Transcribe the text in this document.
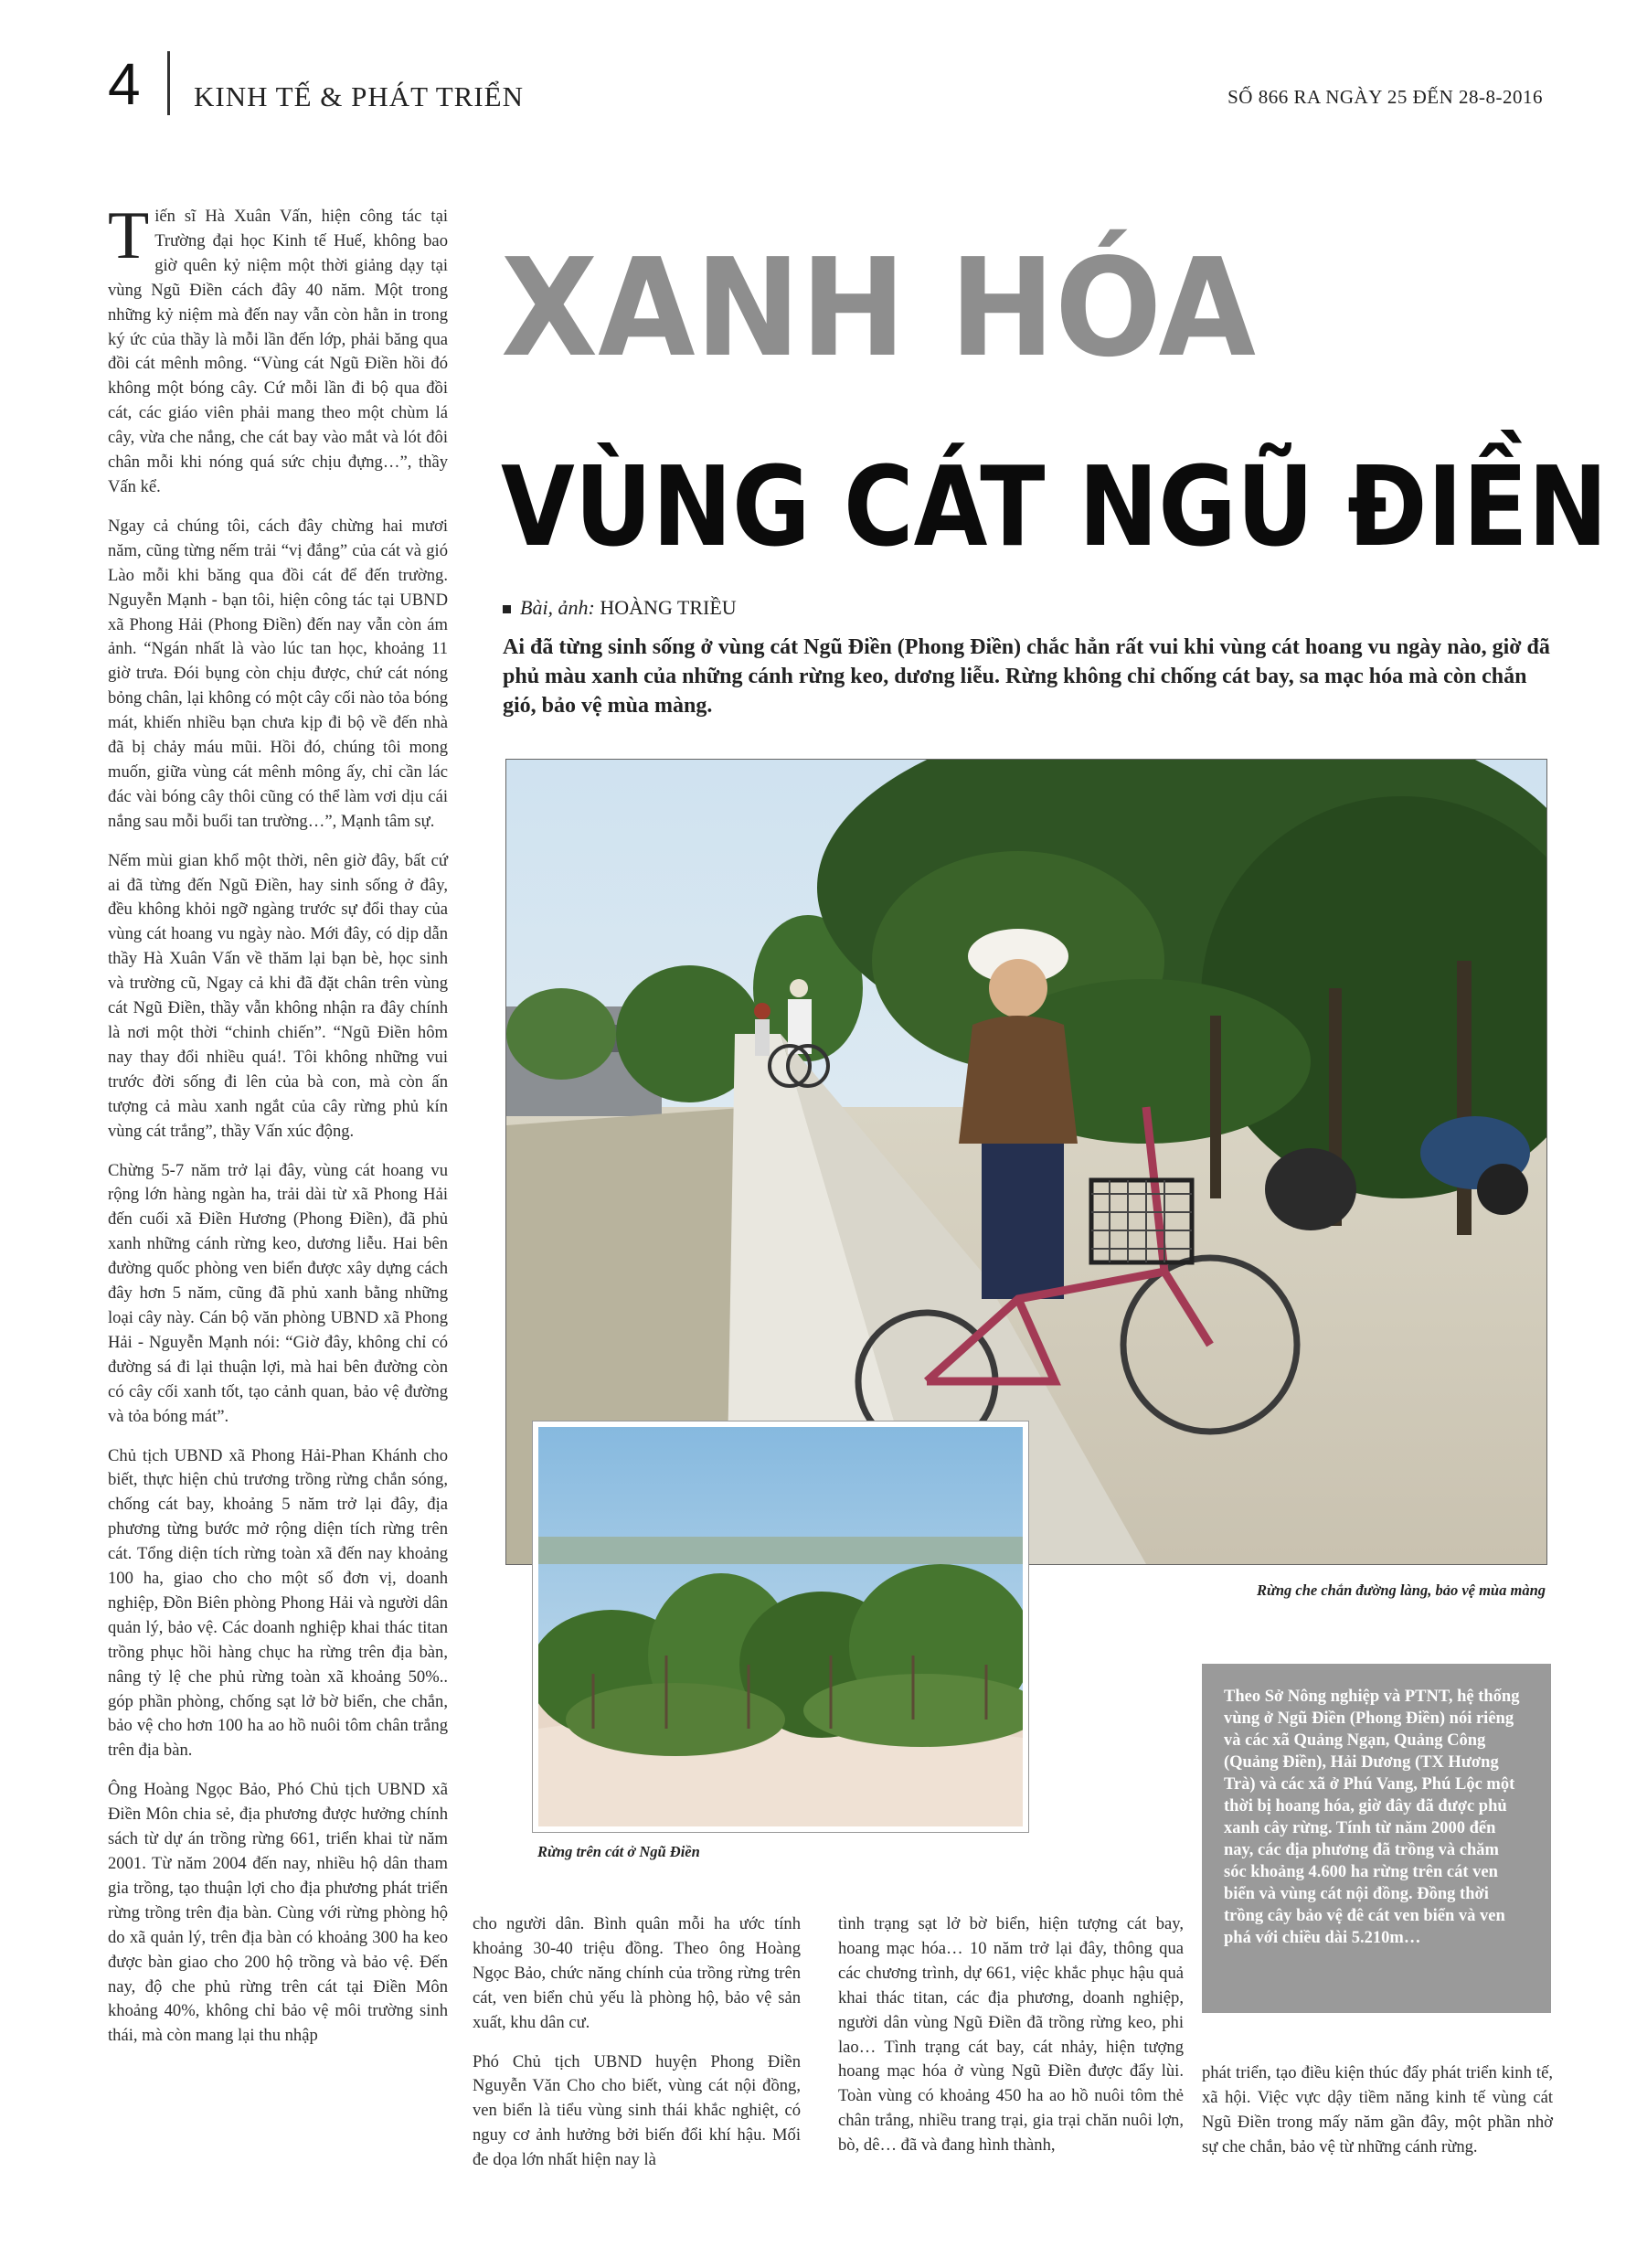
4 KINH TẾ & PHÁT TRIỂN	SỐ 866 RA NGÀY 25 ĐẾN 28-8-2016
XANH HÓA
VÙNG CÁT NGŨ ĐIỀN
Bài, ảnh: HOÀNG TRIỀU
Ai đã từng sinh sống ở vùng cát Ngũ Điền (Phong Điền) chắc hẳn rất vui khi vùng cát hoang vu ngày nào, giờ đã phủ màu xanh của những cánh rừng keo, dương liễu. Rừng không chỉ chống cát bay, sa mạc hóa mà còn chắn gió, bảo vệ mùa màng.

Tiến sĩ Hà Xuân Vấn, hiện công tác tại Trường đại học Kinh tế Huế, không bao giờ quên kỷ niệm một thời giảng dạy tại vùng Ngũ Điền cách đây 40 năm. Một trong những kỷ niệm mà đến nay vẫn còn hằn in trong ký ức của thầy là mỗi lần đến lớp, phải băng qua đồi cát mênh mông. “Vùng cát Ngũ Điền hồi đó không một bóng cây. Cứ mỗi lần đi bộ qua đồi cát, các giáo viên phải mang theo một chùm lá cây, vừa che nắng, che cát bay vào mắt và lót đôi chân mỗi khi nóng quá sức chịu đựng…”, thầy Vấn kể.

Ngay cả chúng tôi, cách đây chừng hai mươi năm, cũng từng nếm trải “vị đắng” của cát và gió Lào mỗi khi băng qua đồi cát để đến trường. Nguyễn Mạnh - bạn tôi, hiện công tác tại UBND xã Phong Hải (Phong Điền) đến nay vẫn còn ám ảnh. “Ngán nhất là vào lúc tan học, khoảng 11 giờ trưa. Đói bụng còn chịu được, chứ cát nóng bỏng chân, lại không có một cây cối nào tỏa bóng mát, khiến nhiều bạn chưa kịp đi bộ về đến nhà đã bị chảy máu mũi. Hồi đó, chúng tôi mong muốn, giữa vùng cát mênh mông ấy, chỉ cần lác đác vài bóng cây thôi cũng có thể làm vơi dịu cái nắng sau mỗi buổi tan trường…”, Mạnh tâm sự.

Nếm mùi gian khổ một thời, nên giờ đây, bất cứ ai đã từng đến Ngũ Điền, hay sinh sống ở đây, đều không khỏi ngỡ ngàng trước sự đổi thay của vùng cát hoang vu ngày nào. Mới đây, có dịp dẫn thầy Hà Xuân Vấn về thăm lại bạn bè, học sinh và trường cũ, Ngay cả khi đã đặt chân trên vùng cát Ngũ Điền, thầy vẫn không nhận ra đây chính là nơi một thời “chinh chiến”. “Ngũ Điền hôm nay thay đổi nhiều quá!. Tôi không những vui trước đời sống đi lên của bà con, mà còn ấn tượng cả màu xanh ngắt của cây rừng phủ kín vùng cát trắng”, thầy Vấn xúc động.

Chừng 5-7 năm trở lại đây, vùng cát hoang vu rộng lớn hàng ngàn ha, trải dài từ xã Phong Hải đến cuối xã Điền Hương (Phong Điền), đã phủ xanh những cánh rừng keo, dương liễu. Hai bên đường quốc phòng ven biển được xây dựng cách đây hơn 5 năm, cũng đã phủ xanh bằng những loại cây này. Cán bộ văn phòng UBND xã Phong Hải - Nguyễn Mạnh nói: “Giờ đây, không chỉ có đường sá đi lại thuận lợi, mà hai bên đường còn có cây cối xanh tốt, tạo cảnh quan, bảo vệ đường và tỏa bóng mát”.

Chủ tịch UBND xã Phong Hải-Phan Khánh cho biết, thực hiện chủ trương trồng rừng chắn sóng, chống cát bay, khoảng 5 năm trở lại đây, địa phương từng bước mở rộng diện tích rừng trên cát. Tổng diện tích rừng toàn xã đến nay khoảng 100 ha, giao cho cho một số đơn vị, doanh nghiệp, Đồn Biên phòng Phong Hải và người dân quản lý, bảo vệ. Các doanh nghiệp khai thác titan trồng phục hồi hàng chục ha rừng trên địa bàn, nâng tỷ lệ che phủ rừng toàn xã khoảng 50%.. góp phần phòng, chống sạt lở bờ biển, che chắn, bảo vệ cho hơn 100 ha ao hồ nuôi tôm chân trắng trên địa bàn.

Ông Hoàng Ngọc Bảo, Phó Chủ tịch UBND xã Điền Môn chia sẻ, địa phương được hưởng chính sách từ dự án trồng rừng 661, triển khai từ năm 2001. Từ năm 2004 đến nay, nhiều hộ dân tham gia trồng, tạo thuận lợi cho địa phương phát triển rừng trồng trên địa bàn. Cùng với rừng phòng hộ do xã quản lý, trên địa bàn có khoảng 300 ha keo được bàn giao cho 200 hộ trồng và bảo vệ. Đến nay, độ che phủ rừng trên cát tại Điền Môn khoảng 40%, không chỉ bảo vệ môi trường sinh thái, mà còn mang lại thu nhập

Rừng che chắn đường làng, bảo vệ mùa màng
Rừng trên cát ở Ngũ Điền

Theo Sở Nông nghiệp và PTNT, hệ thống vùng ở Ngũ Điền (Phong Điền) nói riêng và các xã Quảng Ngạn, Quảng Công (Quảng Điền), Hải Dương (TX Hương Trà) và các xã ở Phú Vang, Phú Lộc một thời bị hoang hóa, giờ đây đã được phủ xanh cây rừng. Tính từ năm 2000 đến nay, các địa phương đã trồng và chăm sóc khoảng 4.600 ha rừng trên cát ven biển và vùng cát nội đồng. Đồng thời trồng cây bảo vệ đê cát ven biển và ven phá với chiều dài 5.210m…

cho người dân. Bình quân mỗi ha ước tính khoảng 30-40 triệu đồng. Theo ông Hoàng Ngọc Bảo, chức năng chính của trồng rừng trên cát, ven biển chủ yếu là phòng hộ, bảo vệ sản xuất, khu dân cư.

Phó Chủ tịch UBND huyện Phong Điền Nguyễn Văn Cho cho biết, vùng cát nội đồng, ven biển là tiểu vùng sinh thái khắc nghiệt, có nguy cơ ảnh hưởng bởi biến đổi khí hậu. Mối đe dọa lớn nhất hiện nay là

tình trạng sạt lở bờ biển, hiện tượng cát bay, hoang mạc hóa… 10 năm trở lại đây, thông qua các chương trình, dự 661, việc khắc phục hậu quả khai thác titan, các địa phương, doanh nghiệp, người dân vùng Ngũ Điền đã trồng rừng keo, phi lao… Tình trạng cát bay, cát nhảy, hiện tượng hoang mạc hóa ở vùng Ngũ Điền được đẩy lùi. Toàn vùng có khoảng 450 ha ao hồ nuôi tôm thẻ chân trắng, nhiều trang trại, gia trại chăn nuôi lợn, bò, dê… đã và đang hình thành,

phát triển, tạo điều kiện thúc đẩy phát triển kinh tế, xã hội. Việc vực dậy tiềm năng kinh tế vùng cát Ngũ Điền trong mấy năm gần đây, một phần nhờ sự che chắn, bảo vệ từ những cánh rừng.
